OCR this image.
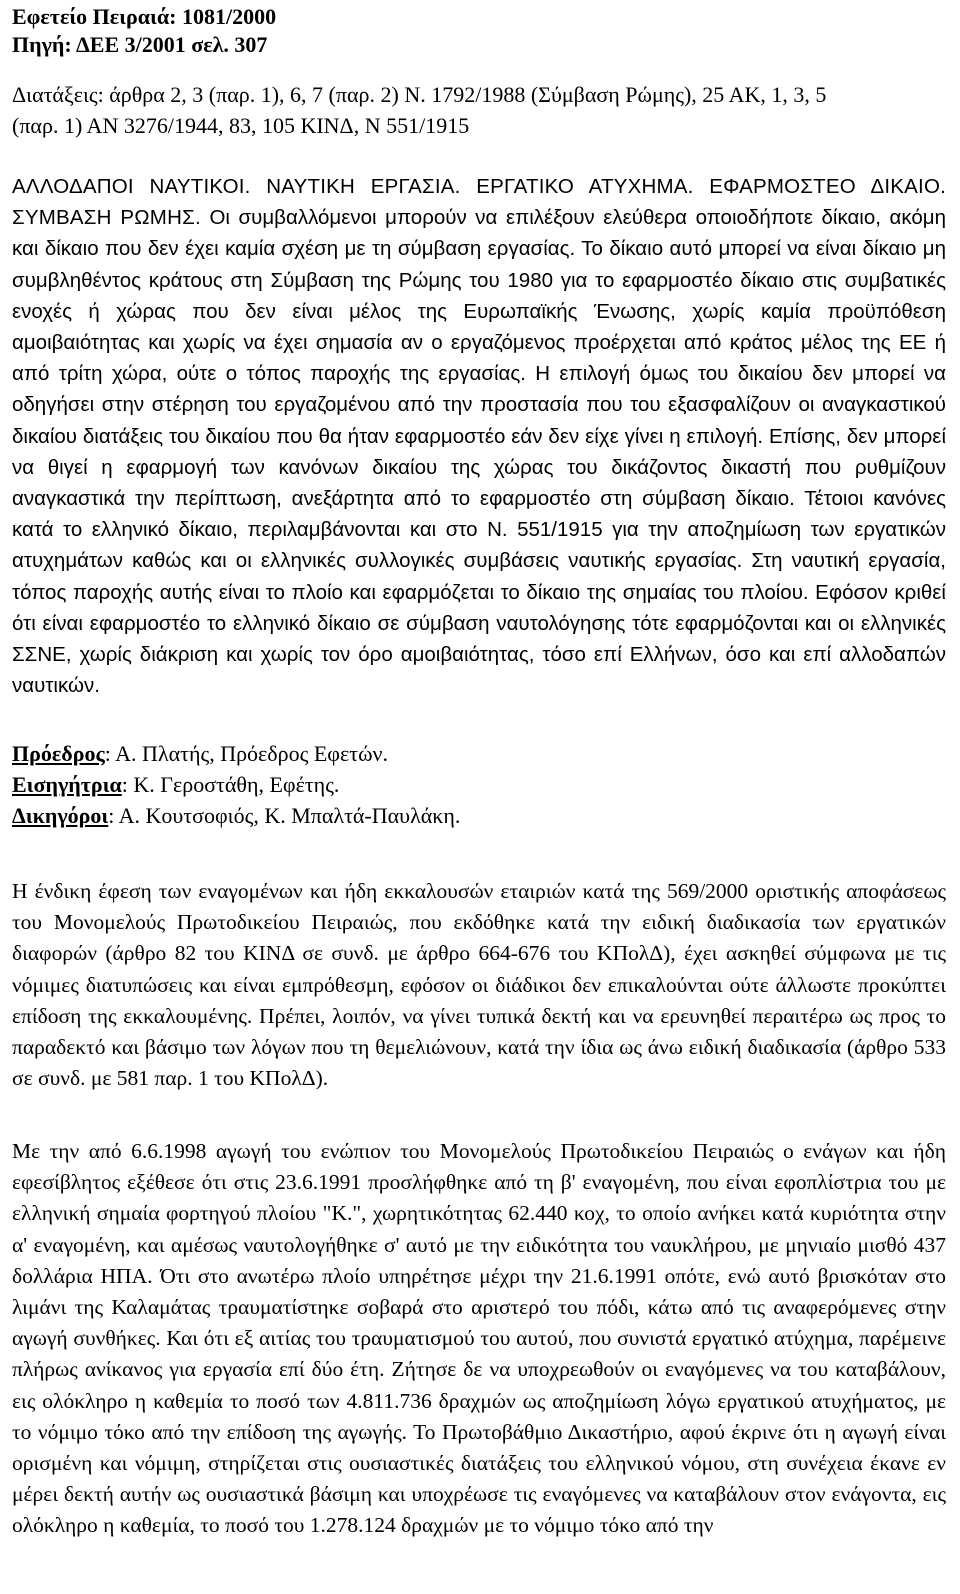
Εφετείο Πειραιά: 1081/2000
Πηγή: ΔΕΕ 3/2001 σελ. 307
Διατάξεις: άρθρα 2, 3 (παρ. 1), 6, 7 (παρ. 2) Ν. 1792/1988 (Σύμβαση Ρώμης), 25 ΑΚ, 1, 3, 5
(παρ. 1) ΑΝ 3276/1944, 83, 105 ΚΙΝΔ, Ν 551/1915

ΑΛΛΟΔΑΠΟΙ ΝΑΥΤΙΚΟΙ. ΝΑΥΤΙΚΗ ΕΡΓΑΣΙΑ. ΕΡΓΑΤΙΚΟ ΑΤΥΧΗΜΑ. ΕΦΑΡΜΟΣΤΕΟ ΔΙΚΑΙΟ. ΣΥΜΒΑΣΗ ΡΩΜΗΣ. Οι συμβαλλόμενοι μπορούν να επιλέξουν ελεύθερα οποιοδήποτε δίκαιο, ακόμη και δίκαιο που δεν έχει καμία σχέση με τη σύμβαση εργασίας. Το δίκαιο αυτό μπορεί να είναι δίκαιο μη συμβληθέντος κράτους στη Σύμβαση της Ρώμης του 1980 για το εφαρμοστέο δίκαιο στις συμβατικές ενοχές ή χώρας που δεν είναι μέλος της Ευρωπαϊκής Ένωσης, χωρίς καμία προϋπόθεση αμοιβαιότητας και χωρίς να έχει σημασία αν ο εργαζόμενος προέρχεται από κράτος μέλος της ΕΕ ή από τρίτη χώρα, ούτε ο τόπος παροχής της εργασίας. Η επιλογή όμως του δικαίου δεν μπορεί να οδηγήσει στην στέρηση του εργαζομένου από την προστασία που του εξασφαλίζουν οι αναγκαστικού δικαίου διατάξεις του δικαίου που θα ήταν εφαρμοστέο εάν δεν είχε γίνει η επιλογή. Επίσης, δεν μπορεί να θιγεί η εφαρμογή των κανόνων δικαίου της χώρας του δικάζοντος δικαστή που ρυθμίζουν αναγκαστικά την περίπτωση, ανεξάρτητα από το εφαρμοστέο στη σύμβαση δίκαιο. Τέτοιοι κανόνες κατά το ελληνικό δίκαιο, περιλαμβάνονται και στο Ν. 551/1915 για την αποζημίωση των εργατικών ατυχημάτων καθώς και οι ελληνικές συλλογικές συμβάσεις ναυτικής εργασίας. Στη ναυτική εργασία, τόπος παροχής αυτής είναι το πλοίο και εφαρμόζεται το δίκαιο της σημαίας του πλοίου. Εφόσον κριθεί ότι είναι εφαρμοστέο το ελληνικό δίκαιο σε σύμβαση ναυτολόγησης τότε εφαρμόζονται και οι ελληνικές ΣΣΝΕ, χωρίς διάκριση και χωρίς τον όρο αμοιβαιότητας, τόσο επί Ελλήνων, όσο και επί αλλοδαπών ναυτικών.

Πρόεδρος: Α. Πλατής, Πρόεδρος Εφετών.
Εισηγήτρια: Κ. Γεροστάθη, Εφέτης.
Δικηγόροι: Α. Κουτσοφιός, Κ. Μπαλτά-Παυλάκη.

Η ένδικη έφεση των εναγομένων και ήδη εκκαλουσών εταιριών κατά της 569/2000 οριστικής αποφάσεως του Μονομελούς Πρωτοδικείου Πειραιώς, που εκδόθηκε κατά την ειδική διαδικασία των εργατικών διαφορών (άρθρο 82 του ΚΙΝΔ σε συνδ. με άρθρο 664-676 του ΚΠολΔ), έχει ασκηθεί σύμφωνα με τις νόμιμες διατυπώσεις και είναι εμπρόθεσμη, εφόσον οι διάδικοι δεν επικαλούνται ούτε άλλωστε προκύπτει επίδοση της εκκαλουμένης. Πρέπει, λοιπόν, να γίνει τυπικά δεκτή και να ερευνηθεί περαιτέρω ως προς το παραδεκτό και βάσιμο των λόγων που τη θεμελιώνουν, κατά την ίδια ως άνω ειδική διαδικασία (άρθρο 533 σε συνδ. με 581 παρ. 1 του ΚΠολΔ).

Με την από 6.6.1998 αγωγή του ενώπιον του Μονομελούς Πρωτοδικείου Πειραιώς ο ενάγων και ήδη εφεσίβλητος εξέθεσε ότι στις 23.6.1991 προσλήφθηκε από τη β' εναγομένη, που είναι εφοπλίστρια του με ελληνική σημαία φορτηγού πλοίου "Κ.", χωρητικότητας 62.440 κοχ, το οποίο ανήκει κατά κυριότητα στην α' εναγομένη, και αμέσως ναυτολογήθηκε σ' αυτό με την ειδικότητα του ναυκλήρου, με μηνιαίο μισθό 437 δολλάρια ΗΠΑ. Ότι στο ανωτέρω πλοίο υπηρέτησε μέχρι την 21.6.1991 οπότε, ενώ αυτό βρισκόταν στο λιμάνι της Καλαμάτας τραυματίστηκε σοβαρά στο αριστερό του πόδι, κάτω από τις αναφερόμενες στην αγωγή συνθήκες. Και ότι εξ αιτίας του τραυματισμού του αυτού, που συνιστά εργατικό ατύχημα, παρέμεινε πλήρως ανίκανος για εργασία επί δύο έτη. Ζήτησε δε να υποχρεωθούν οι εναγόμενες να του καταβάλουν, εις ολόκληρο η καθεμία το ποσό των 4.811.736 δραχμών ως αποζημίωση λόγω εργατικού ατυχήματος, με το νόμιμο τόκο από την επίδοση της αγωγής. Το Πρωτοβάθμιο Δικαστήριο, αφού έκρινε ότι η αγωγή είναι ορισμένη και νόμιμη, στηρίζεται στις ουσιαστικές διατάξεις του ελληνικού νόμου, στη συνέχεια έκανε εν μέρει δεκτή αυτήν ως ουσιαστικά βάσιμη και υποχρέωσε τις εναγόμενες να καταβάλουν στον ενάγοντα, εις ολόκληρο η καθεμία, το ποσό του 1.278.124 δραχμών με το νόμιμο τόκο από την
